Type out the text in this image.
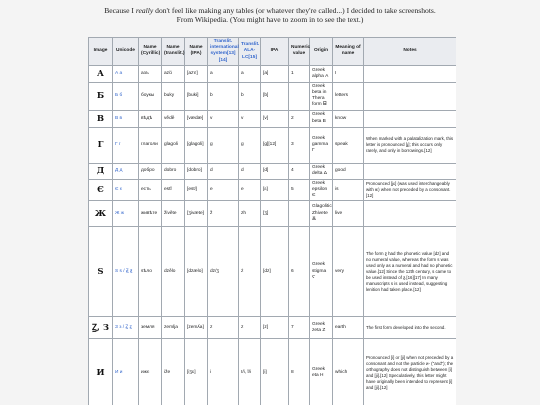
Because I really don't feel like making any tables (or whatever they're called...) I decided to take screenshots.
From Wikipedia. (You might have to zoom in to see the text.)
Image	Unicode	Name (Cyrillic)	Name (translit.)	Name (IPA)	Translit. international system[13][14]	Translit. ALA-LC[15]	IPA	Numeric value	Origin	Meaning of name	Notes
А	А а	азъ	azŭ	[azɤ]	a	a	[a]	1	Greek alpha Α	I	
Б	Б б	боукы	buky	[bukɨ]	b	b	[b]		Greek beta in Thera form ᗺ	letters	
В	В в	вѣдѣ	vědě	[vædæ]	v	v	[v]	2	Greek beta Β	know	
Г	Г г	глаголи	glagoli	[glagoli]	g	g	[g][12]	3	Greek gamma Γ	speak	When marked with a palatalization mark, this letter is pronounced [ɟ]; this occurs only rarely, and only in borrowings.[12]
Д	Д д	добро	dobro	[dobro]	d	d	[d]	4	Greek delta Δ	good	
Є	Є є	есть	estĭ	[estʲ]	e	e	[ɛ]	5	Greek epsilon Є	is	Pronounced [jɛ] (was used interchangeably with ѥ) when not preceded by a consonant.[12]
Ж	Ж ж	живѣте	živěte	[ʒivæte]	ž	zh	[ʒ]		Glagolitic Zhivete Ⰶ	live	
Ѕ	Ѕ ѕ / Ꙃ ꙃ	ѕѣло	dzělo	[dzælo]	dz/ʒ	ż	[dz]	6	Greek stigma Ϛ	very	The form ꙃ had the phonetic value [dz] and no numeral value, whereas the form ѕ was used only as a numeral and had no phonetic value.[12] Since the 12th century, ѕ came to be used instead of ꙃ.[16][17] In many manuscripts ѕ is used instead, suggesting lenition had taken place.[12]
Ꙁ, З	З з / Ꙁ ꙁ	земля	zemlja	[zemʎa]	z	z	[z]	7	Greek zeta Ζ	earth	The first form developed into the second.
И	И и	ижє	iže	[iʒɛ]	i	ī/i, ĭ/i	[i]	8	Greek eta Η	which	Pronounced [i] or [ji] when not preceded by a consonant and not the particle и- ("and"); the orthography does not distinguish between [i] and [ji].[12] Speculatively, this letter might have originally been intended to represent [i] and [ji].[12]
